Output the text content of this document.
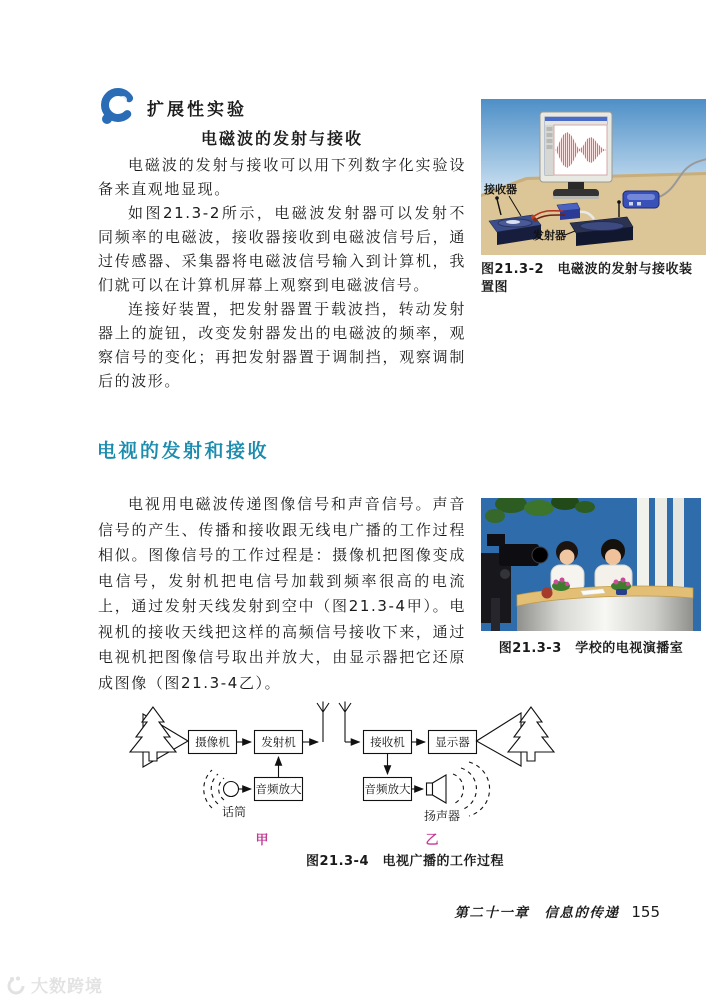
扩展性实验
电磁波的发射与接收

电磁波的发射与接收可以用下列数字化实验设备来直观地显现。

如图21.3-2所示，电磁波发射器可以发射不同频率的电磁波，接收器接收到电磁波信号后，通过传感器、采集器将电磁波信号输入到计算机，我们就可以在计算机屏幕上观察到电磁波信号。

连接好装置，把发射器置于载波挡，转动发射器上的旋钮，改变发射器发出的电磁波的频率，观察信号的变化；再把发射器置于调制挡，观察调制后的波形。

电视的发射和接收

电视用电磁波传递图像信号和声音信号。声音信号的产生、传播和接收跟无线电广播的工作过程相似。图像信号的工作过程是：摄像机把图像变成电信号，发射机把电信号加载到频率很高的电流上，通过发射天线发射到空中（图21.3-4甲）。电视机的接收天线把这样的高频信号接收下来，通过电视机把图像信号取出并放大，由显示器把它还原成图像（图21.3-4乙）。

接收器
发射器
图21.3-2　电磁波的发射与接收装置图
图21.3-3　学校的电视演播室
摄像机	发射机	接收机	显示器
音频放大	音频放大
话筒	扬声器
甲	乙
图21.3-4　电视广播的工作过程
第二十一章　信息的传递 155
大数跨境
